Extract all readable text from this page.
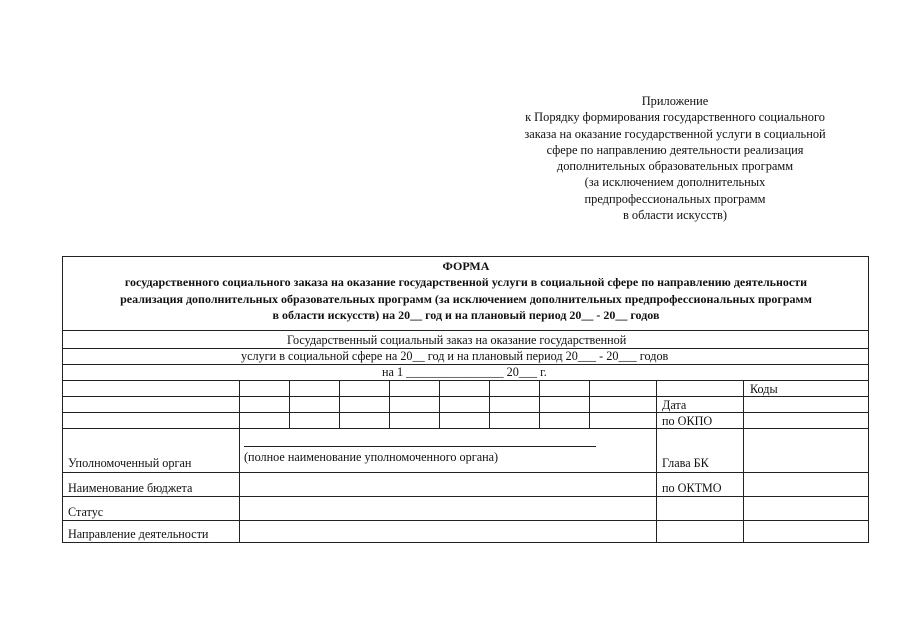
Приложение
к Порядку формирования государственного социального
заказа на оказание государственной услуги в социальной
сфере по направлению деятельности реализация
дополнительных образовательных программ
(за исключением дополнительных
предпрофессиональных программ
в области искусств)
ФОРМА
государственного социального заказа на оказание государственной услуги в социальной сфере по направлению деятельности
реализация дополнительных образовательных программ (за исключением дополнительных предпрофессиональных программ
в области искусств) на 20__ год и на плановый период 20__ - 20__ годов
Государственный социальный заказ на оказание государственной
услуги в социальной сфере на 20__ год и на плановый период 20___ - 20___ годов
на 1 ________________ 20___ г.
Коды
Дата
по ОКПО
Глава БК
по ОКТМО
Уполномоченный орган	(полное наименование уполномоченного органа)
Наименование бюджета
Статус
Направление деятельности
